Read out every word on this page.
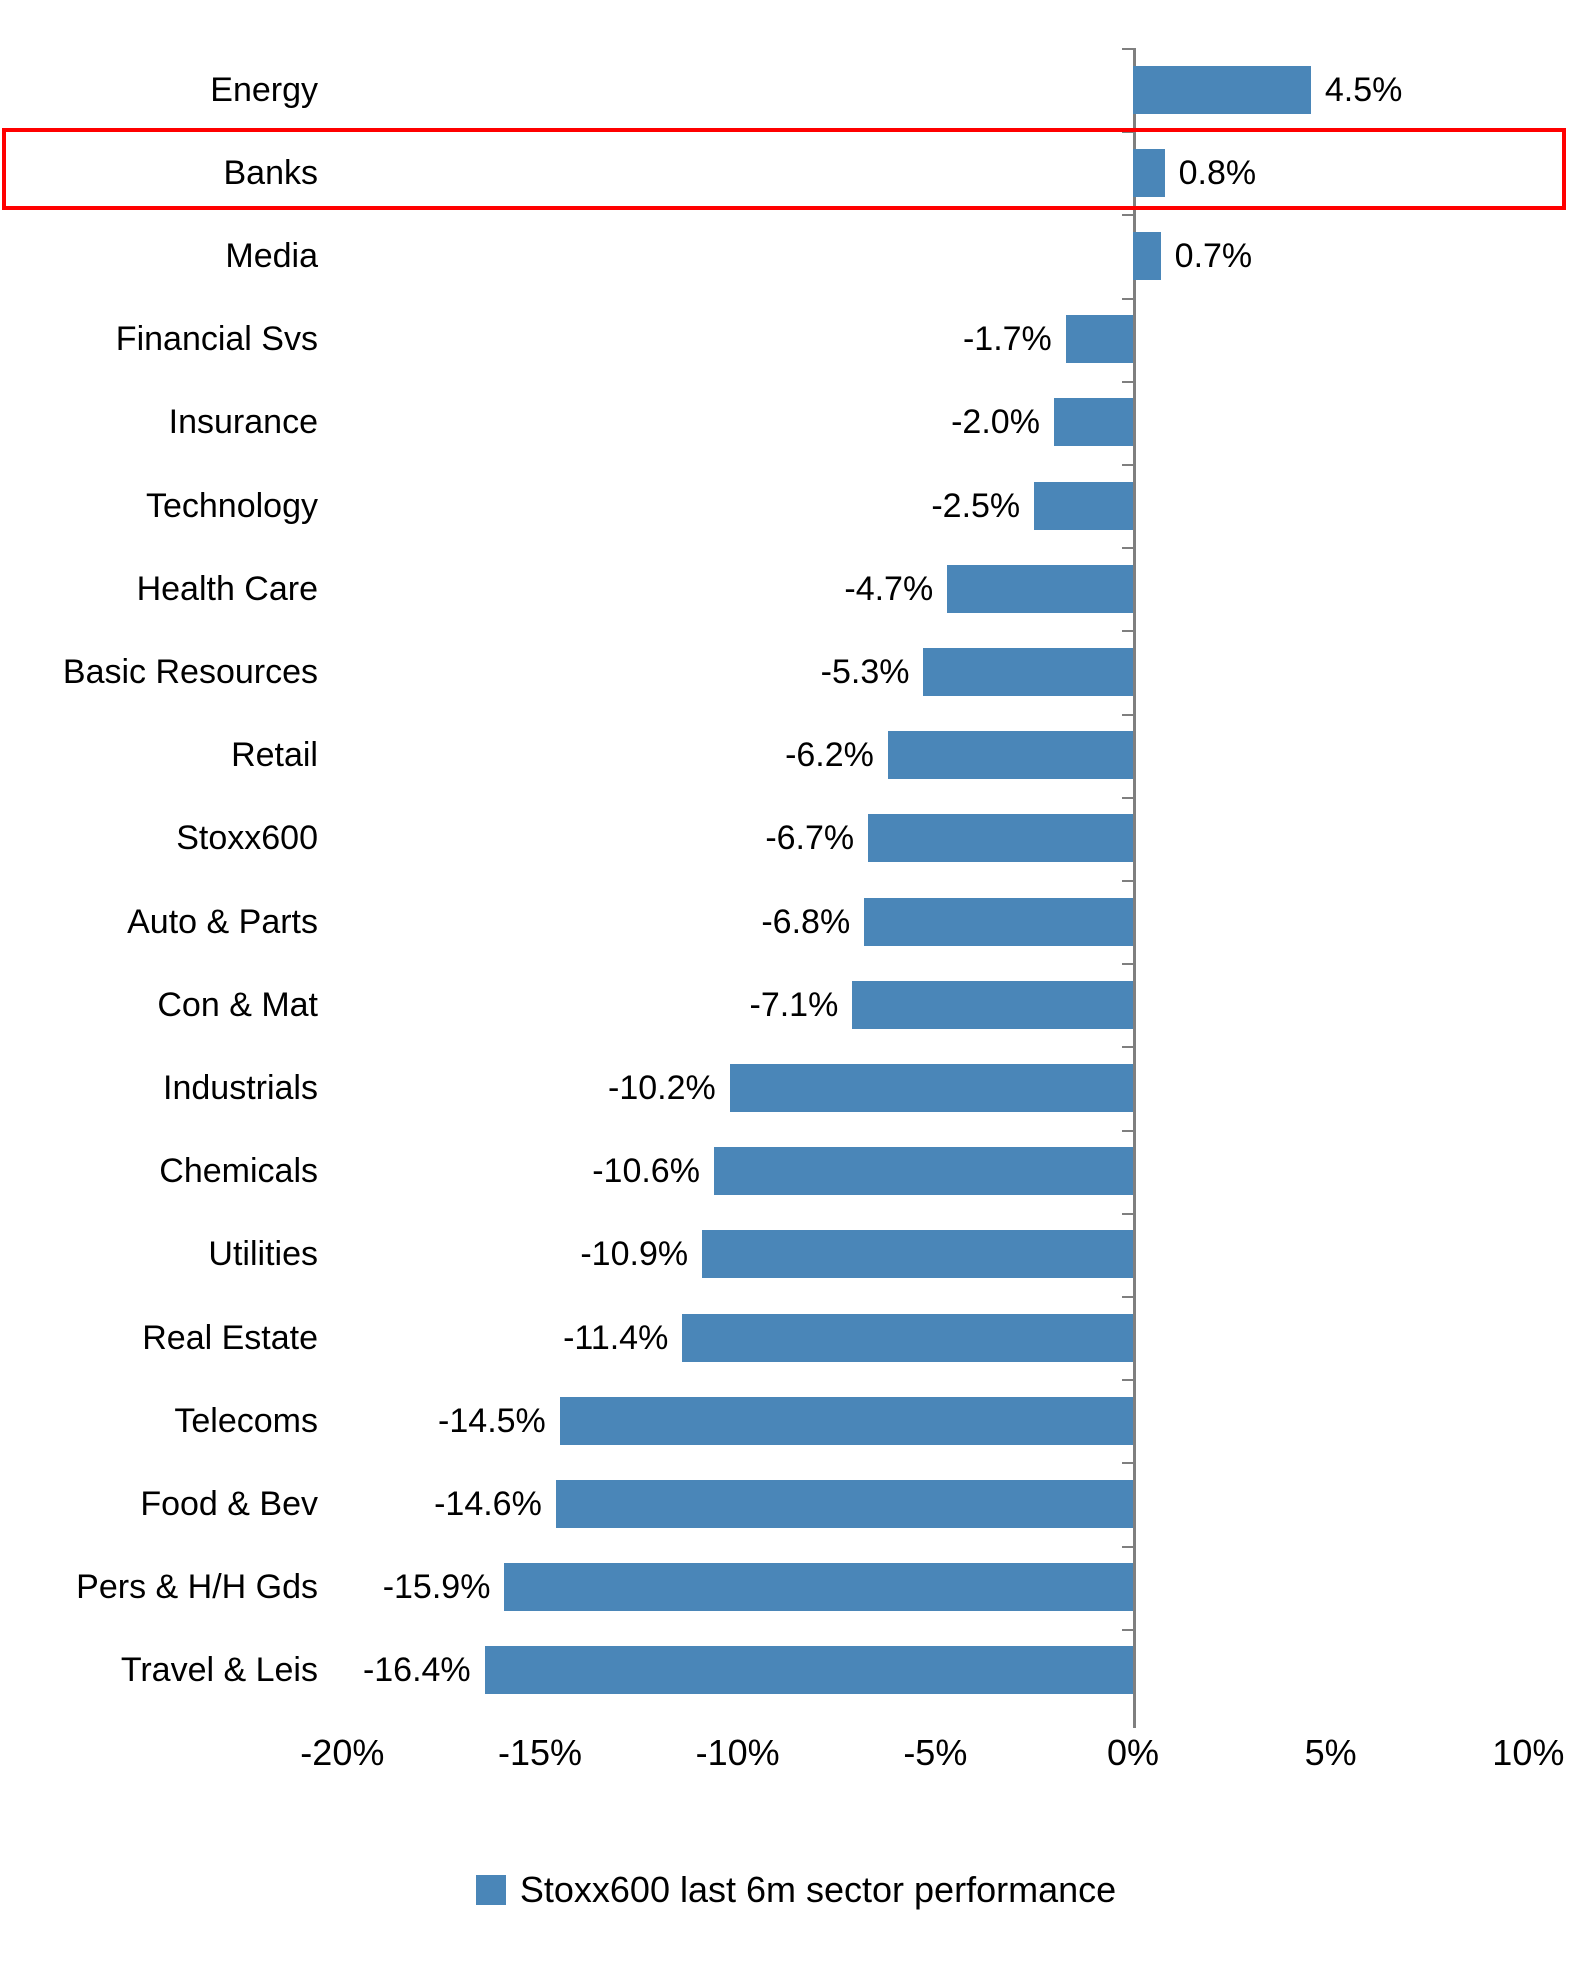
Energy	4.5%
Banks	0.8%
Media	0.7%
Financial Svs	-1.7%
Insurance	-2.0%
Technology	-2.5%
Health Care	-4.7%
Basic Resources	-5.3%
Retail	-6.2%
Stoxx600	-6.7%
Auto & Parts	-6.8%
Con & Mat	-7.1%
Industrials	-10.2%
Chemicals	-10.6%
Utilities	-10.9%
Real Estate	-11.4%
Telecoms	-14.5%
Food & Bev	-14.6%
Pers & H/H Gds -15.9%
Travel & Leis -16.4%
-20%	-15%	-10%	-5%	0%	5%	10%
Stoxx600 last 6m sector performance
